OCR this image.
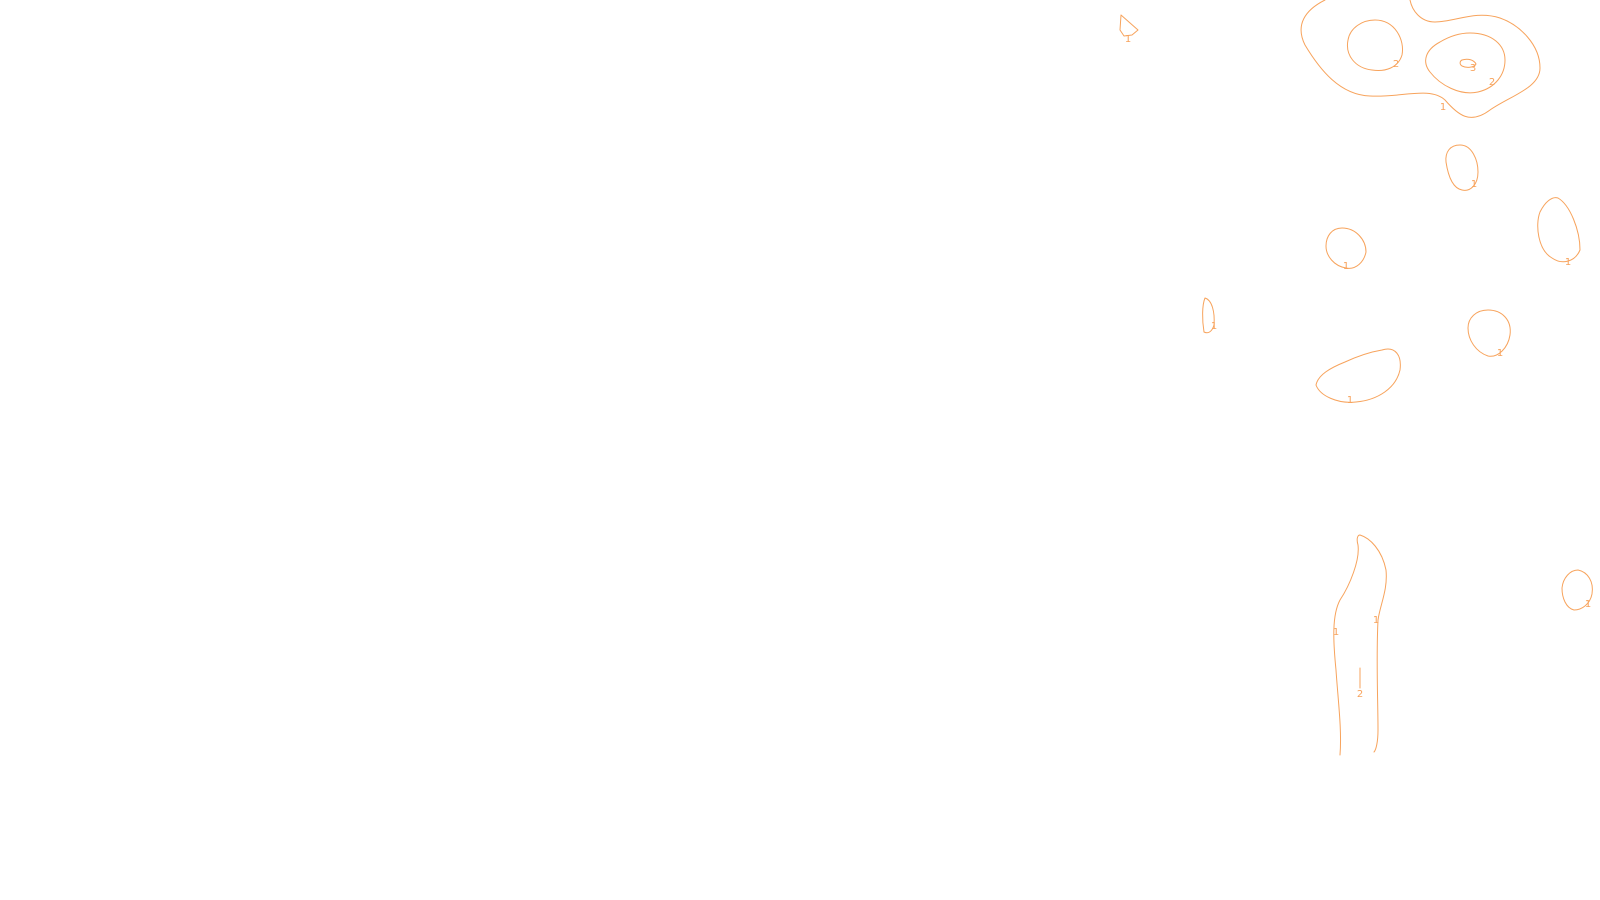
1
1
2
2
3
1
1
1
1
1
1
1
1
2
1
